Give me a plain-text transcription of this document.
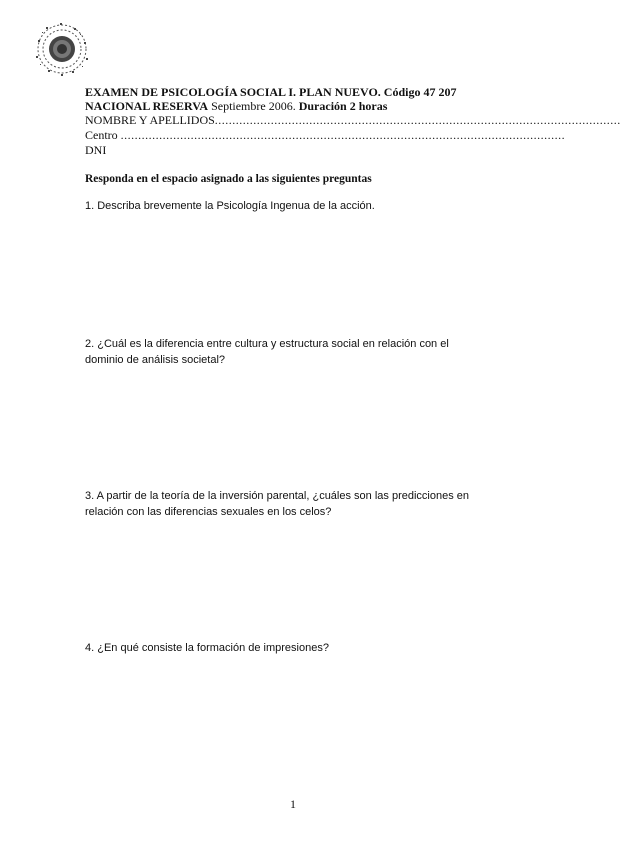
EXAMEN DE PSICOLOGÍA SOCIAL I. PLAN NUEVO. Código 47 207
NACIONAL RESERVA Septiembre 2006. Duración 2 horas
NOMBRE Y APELLIDOS....................................................................................................................
Centro ...............................................................................................................................
DNI
Responda en el espacio asignado a las siguientes preguntas
1. Describa brevemente la Psicología Ingenua de la acción.
2. ¿Cuál es la diferencia entre cultura y estructura social en relación con el dominio de análisis societal?
3. A partir de la teoría de la inversión parental, ¿cuáles son las predicciones en relación con las diferencias sexuales en los celos?
4. ¿En qué consiste la formación de impresiones?
1
